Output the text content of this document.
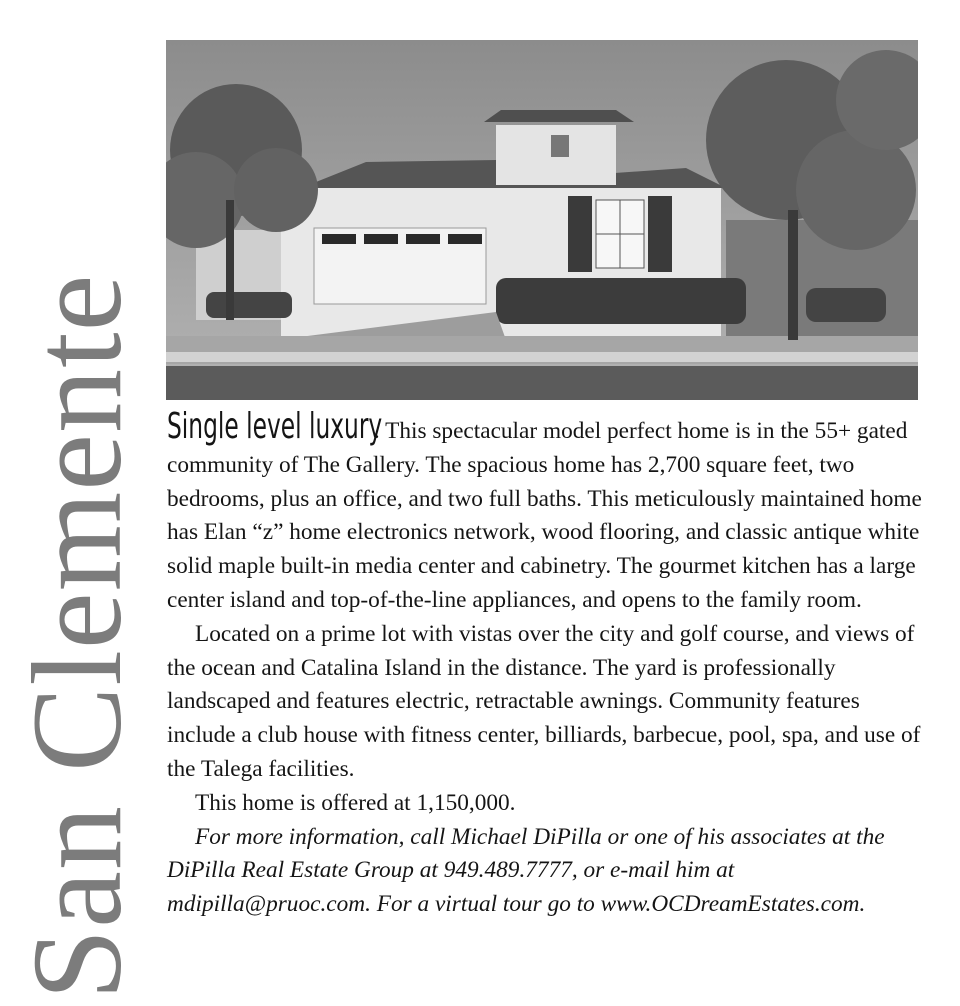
San Clemente Single level luxury. This spectacular model perfect home is in the 55+ gated community of The Gallery. The spacious home has 2,700 square feet, two bedrooms, plus an office, and two full baths. This meticulously maintained home has Elan “z” home electronics network, wood flooring, and classic antique white solid maple built-in media center and cabinetry. The gourmet kitchen has a large center island and top-of-the-line appliances, and opens to the family room.

Located on a prime lot with vistas over the city and golf course, and views of the ocean and Catalina Island in the distance. The yard is professionally landscaped and features electric, retractable awnings. Community features include a club house with fitness center, billiards, barbecue, pool, spa, and use of the Talega facilities.

This home is offered at 1,150,000.

For more information, call Michael DiPilla or one of his associates at the DiPilla Real Estate Group at 949.489.7777, or e-mail him at mdipilla@pruoc.com. For a virtual tour go to www.OCDreamEstates.com.
